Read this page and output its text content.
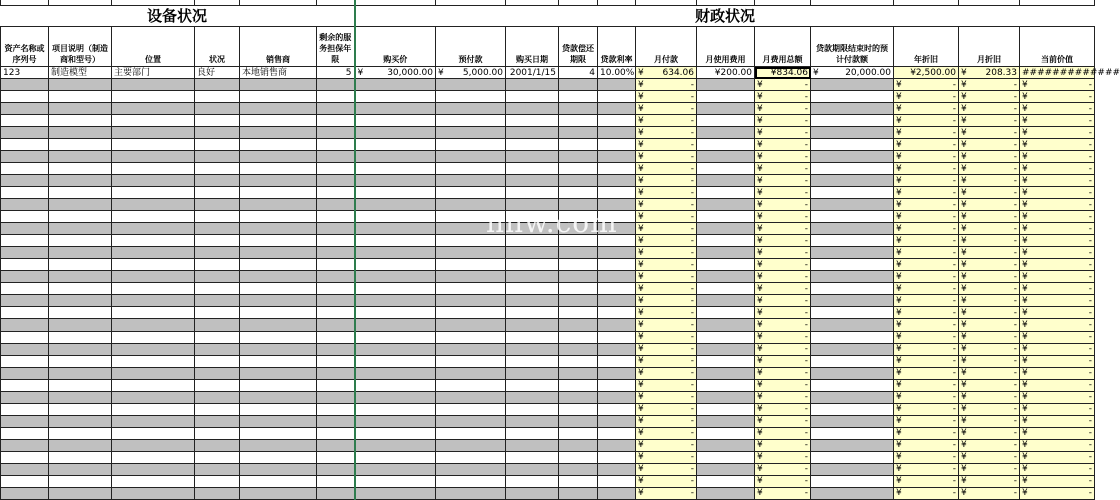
设备状况						财政状况											
资产名称或序列号	项目说明（制造商和型号）	位置	状况	销售商	剩余的服务担保年限	购买价	预付款	购买日期	贷款偿还期限	贷款利率	月付款	月使用费用	月费用总额	贷款期限结束时的预计付款额	年折旧	月折旧	当前价值
123	制造模型	主要部门	良好	本地销售商	5	¥ 30,000.00	¥ 5,000.00	2001/1/15	4	10.00%	¥ 634.06	¥200.00	¥834.06	¥ 20,000.00	¥2,500.00	¥ 208.33	#############

											¥ -		¥ -		¥ -	¥ -	¥ -

											¥ -		¥ -		¥ -	¥ -	¥ -

											¥ -		¥ -		¥ -	¥ -	¥ -

											¥ -		¥ -		¥ -	¥ -	¥ -

											¥ -		¥ -		¥ -	¥ -	¥ -

											¥ -		¥ -		¥ -	¥ -	¥ -

											¥ -		¥ -		¥ -	¥ -	¥ -

											¥ -		¥ -		¥ -	¥ -	¥ -

											¥ -		¥ -		¥ -	¥ -	¥ -

											¥ -		¥ -		¥ -	¥ -	¥ -

											¥ -		¥ -		¥ -	¥ -	¥ -

											¥ -		¥ -		¥ -	¥ -	¥ -

											¥ -		¥ -		¥ -	¥ -	¥ -

											¥ -		¥ -		¥ -	¥ -	¥ -

											¥ -		¥ -		¥ -	¥ -	¥ -

											¥ -		¥ -		¥ -	¥ -	¥ -

											¥ -		¥ -		¥ -	¥ -	¥ -

											¥ -		¥ -		¥ -	¥ -	¥ -

											¥ -		¥ -		¥ -	¥ -	¥ -

											¥ -		¥ -		¥ -	¥ -	¥ -

											¥ -		¥ -		¥ -	¥ -	¥ -

											¥ -		¥ -		¥ -	¥ -	¥ -

											¥ -		¥ -		¥ -	¥ -	¥ -

											¥ -		¥ -		¥ -	¥ -	¥ -

											¥ -		¥ -		¥ -	¥ -	¥ -

											¥ -		¥ -		¥ -	¥ -	¥ -

											¥ -		¥ -		¥ -	¥ -	¥ -

											¥ -		¥ -		¥ -	¥ -	¥ -

											¥ -		¥ -		¥ -	¥ -	¥ -

											¥ -		¥ -		¥ -	¥ -	¥ -

											¥ -		¥ -		¥ -	¥ -	¥ -

											¥ -		¥ -		¥ -	¥ -	¥ -

											¥ -		¥ -		¥ -	¥ -	¥ -

											¥ -		¥ -		¥ -	¥ -	¥ -

											¥ -		¥ -		¥ -	¥ -	¥ -
nnw.com
